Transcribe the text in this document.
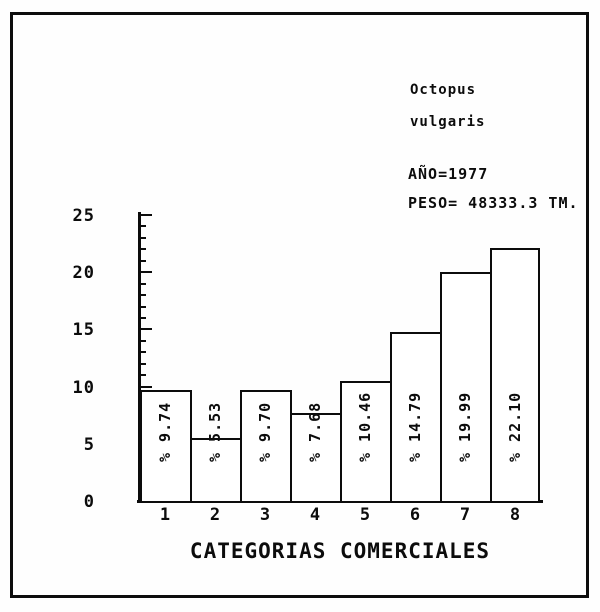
Octopus
vulgaris
AÑO=1977
PESO= 48333.3 TM.
0
5
10
15
20
25
% 9.74 % 5.53 % 9.70 % 7.68 % 10.46 % 14.79 % 19.99 % 22.10
1	2	3	4	5	6	7	8
CATEGORIAS COMERCIALES
